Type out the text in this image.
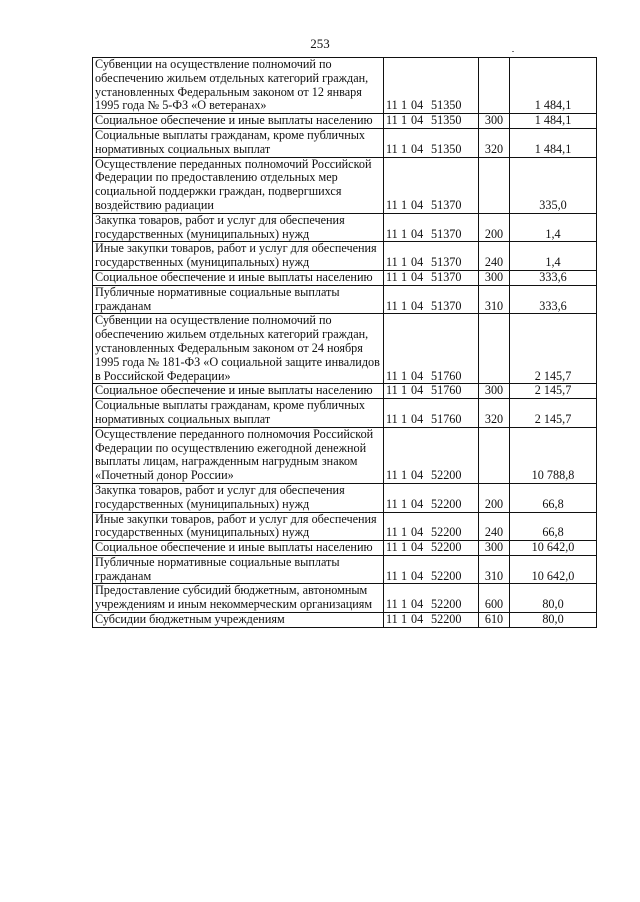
253
Субвенции на осуществление полномочий по обеспечению жильем отдельных категорий граждан, установленных Федеральным законом от 12 января 1995 года № 5-ФЗ «О ветеранах»	11 1 04 51350		1 484,1
Социальное обеспечение и иные выплаты населению	11 1 04 51350	300	1 484,1
Социальные выплаты гражданам, кроме публичных нормативных социальных выплат	11 1 04 51350	320	1 484,1
Осуществление переданных полномочий Российской Федерации по предоставлению отдельных мер социальной поддержки граждан, подвергшихся воздействию радиации	11 1 04 51370		335,0
Закупка товаров, работ и услуг для обеспечения государственных (муниципальных) нужд	11 1 04 51370	200	1,4
Иные закупки товаров, работ и услуг для обеспечения государственных (муниципальных) нужд	11 1 04 51370	240	1,4
Социальное обеспечение и иные выплаты населению	11 1 04 51370	300	333,6
Публичные нормативные социальные выплаты гражданам	11 1 04 51370	310	333,6
Субвенции на осуществление полномочий по обеспечению жильем отдельных категорий граждан, установленных Федеральным законом от 24 ноября 1995 года № 181-ФЗ «О социальной защите инвалидов в Российской Федерации»	11 1 04 51760		2 145,7
Социальное обеспечение и иные выплаты населению	11 1 04 51760	300	2 145,7
Социальные выплаты гражданам, кроме публичных нормативных социальных выплат	11 1 04 51760	320	2 145,7
Осуществление переданного полномочия Российской Федерации по осуществлению ежегодной денежной выплаты лицам, награжденным нагрудным знаком «Почетный донор России»	11 1 04 52200		10 788,8
Закупка товаров, работ и услуг для обеспечения государственных (муниципальных) нужд	11 1 04 52200	200	66,8
Иные закупки товаров, работ и услуг для обеспечения государственных (муниципальных) нужд	11 1 04 52200	240	66,8
Социальное обеспечение и иные выплаты населению	11 1 04 52200	300	10 642,0
Публичные нормативные социальные выплаты гражданам	11 1 04 52200	310	10 642,0
Предоставление субсидий бюджетным, автономным учреждениям и иным некоммерческим организациям	11 1 04 52200	600	80,0
Субсидии бюджетным учреждениям	11 1 04 52200	610	80,0
